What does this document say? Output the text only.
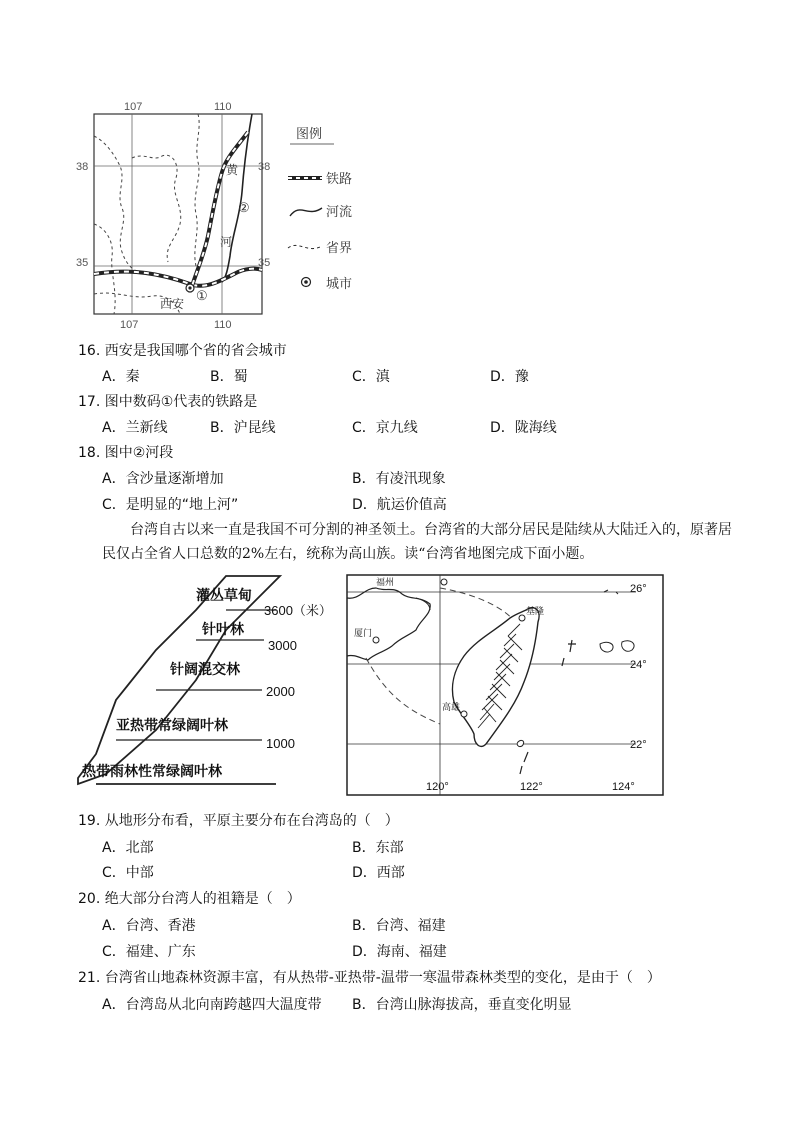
107	110
107	110
38	38
35	35
黄
河
②
①
西安
图例
铁路
河流
省界
城市
16. 西安是我国哪个省的省会城市
A．秦	B．蜀	C．滇	D．豫
17. 图中数码①代表的铁路是
A．兰新线	B．沪昆线	C．京九线	D．陇海线
18. 图中②河段
A．含沙量逐渐增加	B．有凌汛现象
C．是明显的“地上河”	D．航运价值高
台湾自古以来一直是我国不可分割的神圣领土。台湾省的大部分居民是陆续从大陆迁入的，原著居民仅占全省人口总数的2%左右，统称为高山族。读“台湾省地图完成下面小题。
灌丛草甸
针叶林
针阔混交林
亚热带常绿阔叶林
热带雨林性常绿阔叶林
3600（米）
3000
2000
1000
福州
基隆
厦门
高雄
26°
24°
22°
120°	122°	124°
19. 从地形分布看，平原主要分布在台湾岛的（　）
A．北部	B．东部
C．中部	D．西部
20. 绝大部分台湾人的祖籍是（　）
A．台湾、香港	B．台湾、福建
C．福建、广东	D．海南、福建
21. 台湾省山地森林资源丰富，有从热带-亚热带-温带一寒温带森林类型的变化，是由于（　）
A．台湾岛从北向南跨越四大温度带 B．台湾山脉海拔高，垂直变化明显
